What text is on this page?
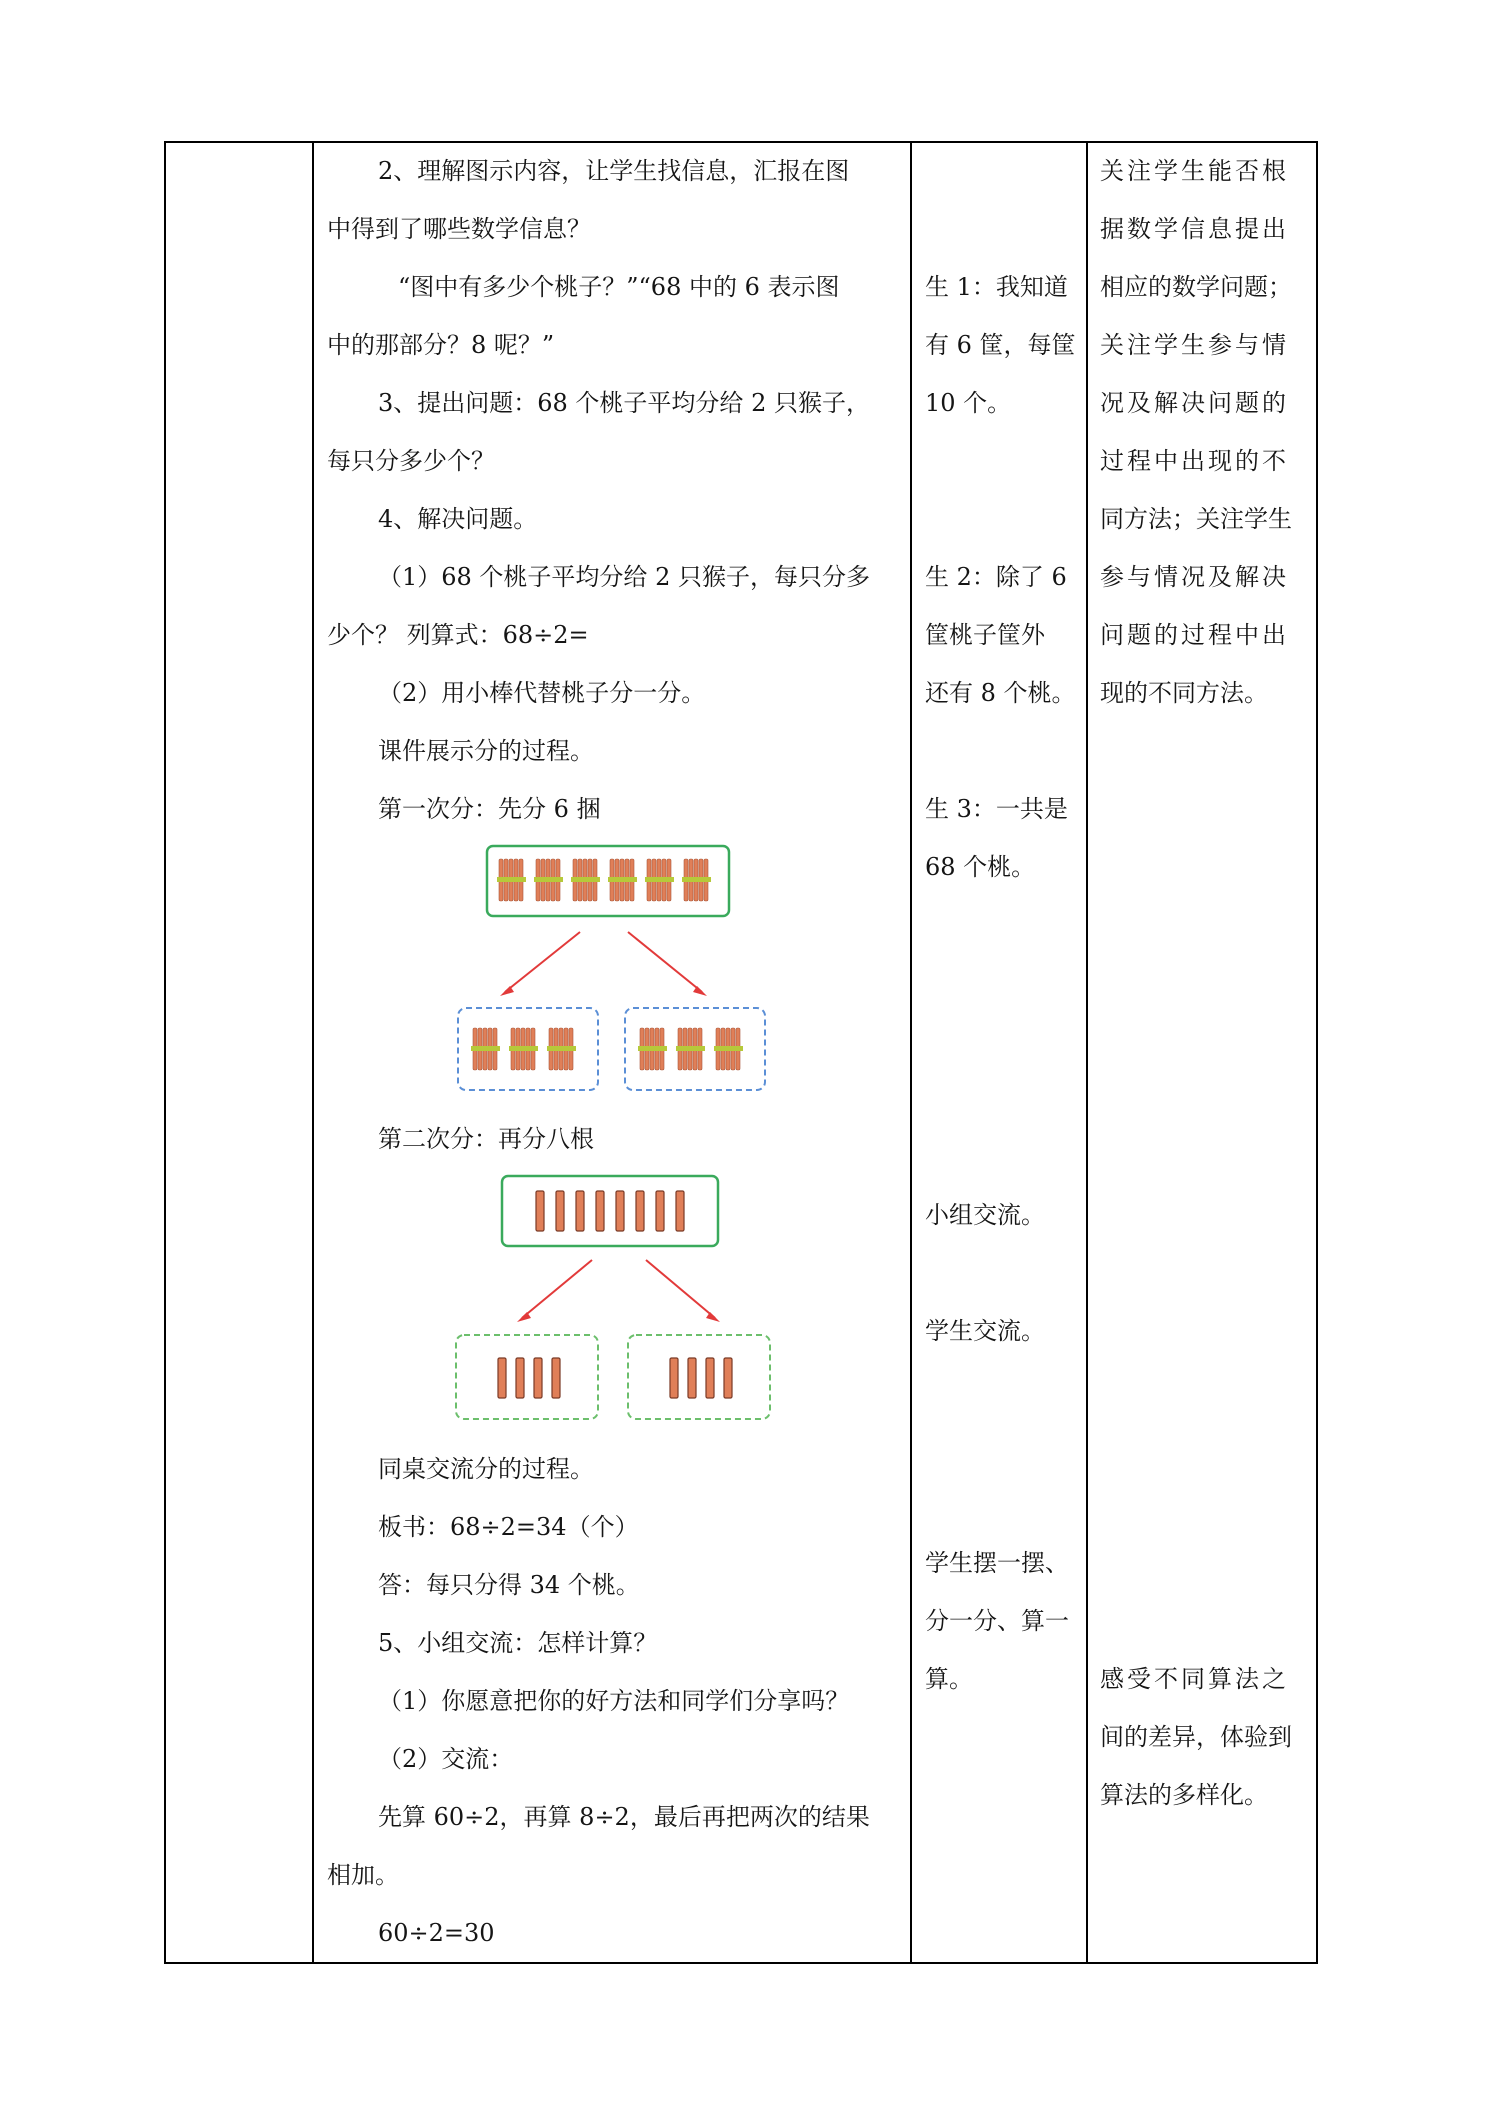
2、理解图示内容，让学生找信息，汇报在图
中得到了哪些数学信息？
“图中有多少个桃子？”“68 中的 6 表示图
中的那部分？8 呢？”
3、提出问题：68 个桃子平均分给 2 只猴子，
每只分多少个？
4、解决问题。
（1）68 个桃子平均分给 2 只猴子，每只分多
少个？ 列算式：68÷2=
（2）用小棒代替桃子分一分。
课件展示分的过程。
第一次分：先分 6 捆
第二次分：再分八根
同桌交流分的过程。
板书：68÷2=34（个）
答：每只分得 34 个桃。
5、小组交流：怎样计算？
（1）你愿意把你的好方法和同学们分享吗？
（2）交流：
先算 60÷2，再算 8÷2，最后再把两次的结果
相加。
60÷2=30
生 1：我知道
有 6 筐，每筐
10 个。
生 2：除了 6
筐桃子筐外
还有 8 个桃。
生 3：一共是
68 个桃。
小组交流。
学生交流。
学生摆一摆、
分一分、算一
算。
关注学生能否根
据数学信息提出
相应的数学问题；
关注学生参与情
况及解决问题的
过程中出现的不
同方法；关注学生
参与情况及解决
问题的过程中出
现的不同方法。
感受不同算法之
间的差异，体验到
算法的多样化。
